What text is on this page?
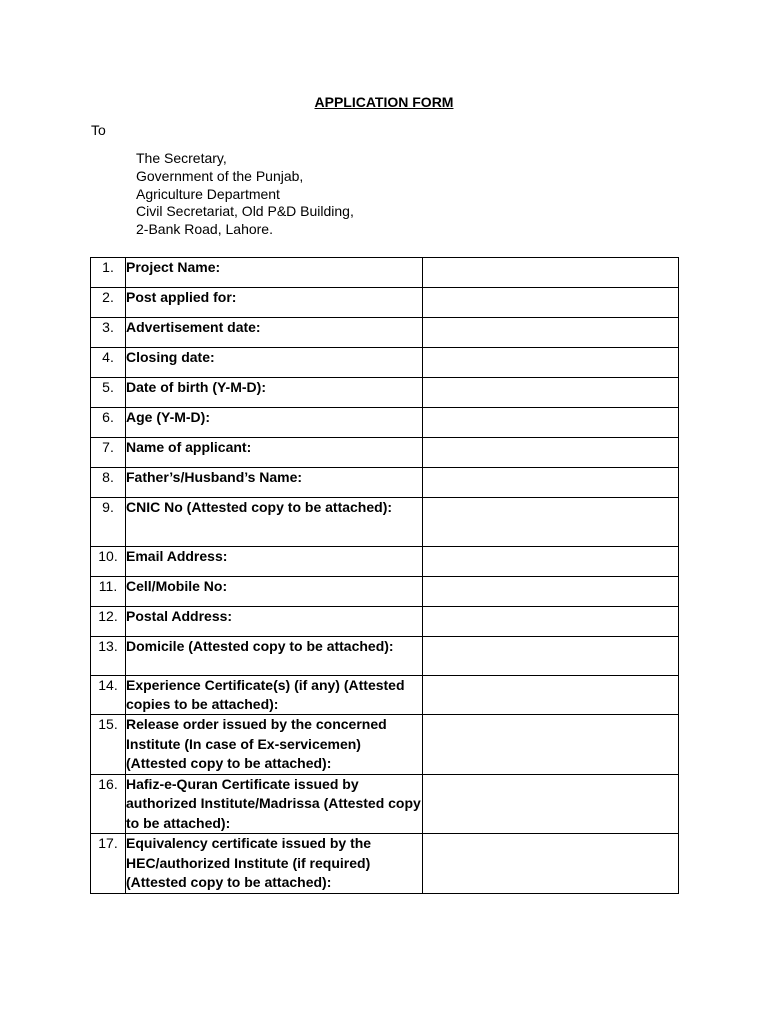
APPLICATION FORM
To
The Secretary,
Government of the Punjab,
Agriculture Department
Civil Secretariat, Old P&D Building,
2-Bank Road, Lahore.
1.	Project Name:	
2.	Post applied for:	
3.	Advertisement date:	
4.	Closing date:	
5.	Date of birth (Y-M-D):	
6.	Age (Y-M-D):	
7.	Name of applicant:	
8.	Father’s/Husband’s Name:	
9.	CNIC No (Attested copy to be attached):	
10.	Email Address:	
11.	Cell/Mobile No:	
12.	Postal Address:	
13.	Domicile (Attested copy to be attached):	
14.	Experience Certificate(s) (if any) (Attested copies to be attached):	
15.	Release order issued by the concerned Institute (In case of Ex-servicemen) (Attested copy to be attached):	
16.	Hafiz-e-Quran Certificate issued by authorized Institute/Madrissa (Attested copy to be attached):	
17.	Equivalency certificate issued by the HEC/authorized Institute (if required) (Attested copy to be attached):	
